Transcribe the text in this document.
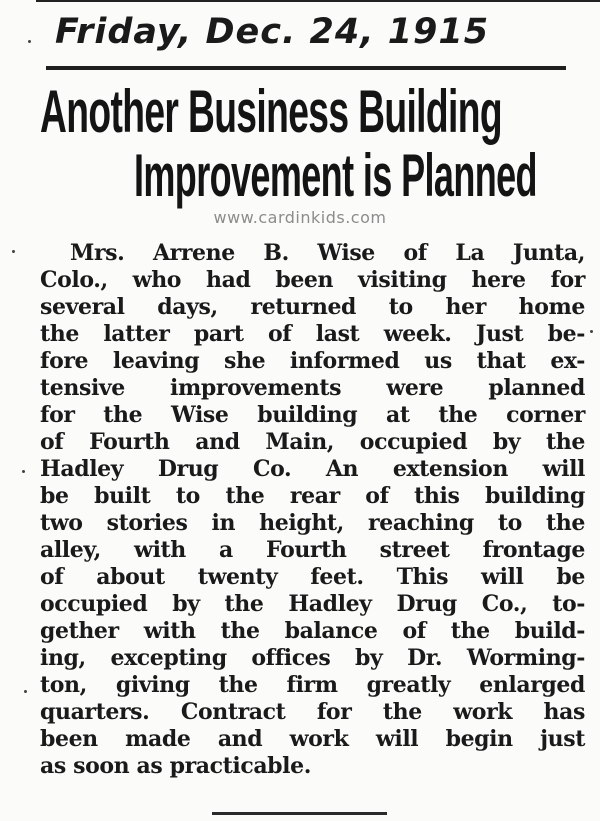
Friday, Dec. 24, 1915
Another Business Building
Improvement is Planned
www.cardinkids.com
Mrs. Arrene B. Wise of La Junta,
Colo., who had been visiting here for
several days, returned to her home
the latter part of last week. Just be-
fore leaving she informed us that ex-
tensive improvements were planned
for the Wise building at the corner
of Fourth and Main, occupied by the
Hadley Drug Co. An extension will
be built to the rear of this building
two stories in height, reaching to the
alley, with a Fourth street frontage
of about twenty feet. This will be
occupied by the Hadley Drug Co., to-
gether with the balance of the build-
ing, excepting offices by Dr. Worming-
ton, giving the firm greatly enlarged
quarters. Contract for the work has
been made and work will begin just
as soon as practicable.
